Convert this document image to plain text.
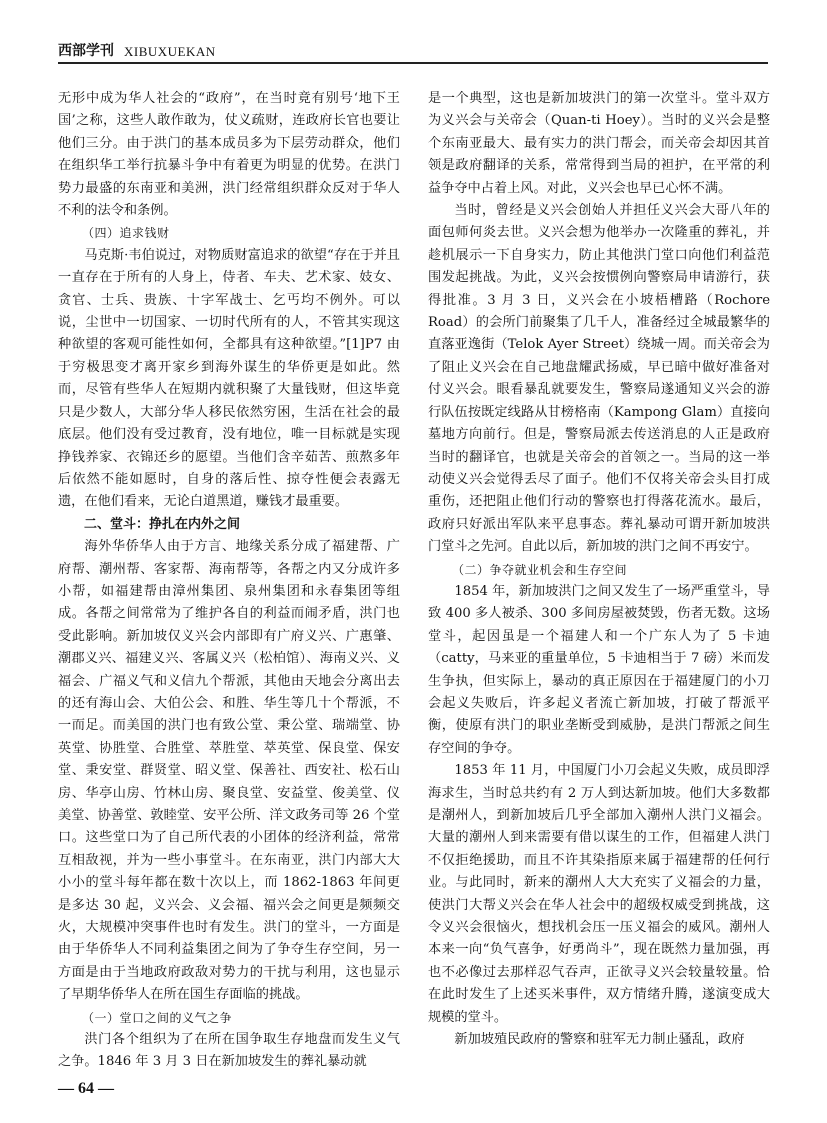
西部学刊 XIBUXUEKAN

无形中成为华人社会的“政府”，在当时竟有别号‘地下王国’之称，这些人敢作敢为，仗义疏财，连政府长官也要让他们三分。由于洪门的基本成员多为下层劳动群众，他们在组织华工举行抗暴斗争中有着更为明显的优势。在洪门势力最盛的东南亚和美洲，洪门经常组织群众反对于华人不利的法令和条例。

（四）追求钱财

马克斯·韦伯说过，对物质财富追求的欲望“存在于并且一直存在于所有的人身上，侍者、车夫、艺术家、妓女、贪官、士兵、贵族、十字军战士、乞丐均不例外。可以说，尘世中一切国家、一切时代所有的人，不管其实现这种欲望的客观可能性如何，全都具有这种欲望。”[1]P7 由于穷极思变才离开家乡到海外谋生的华侨更是如此。然而，尽管有些华人在短期内就积聚了大量钱财，但这毕竟只是少数人，大部分华人移民依然穷困，生活在社会的最底层。他们没有受过教育，没有地位，唯一目标就是实现挣钱养家、衣锦还乡的愿望。当他们含辛茹苦、煎熬多年后依然不能如愿时，自身的落后性、掠夺性便会表露无遗，在他们看来，无论白道黑道，赚钱才最重要。

二、堂斗：挣扎在内外之间

海外华侨华人由于方言、地缘关系分成了福建帮、广府帮、潮州帮、客家帮、海南帮等，各帮之内又分成许多小帮，如福建帮由漳州集团、泉州集团和永春集团等组成。各帮之间常常为了维护各自的利益而闹矛盾，洪门也受此影响。新加坡仅义兴会内部即有广府义兴、广惠肇、潮郡义兴、福建义兴、客属义兴（松柏馆）、海南义兴、义福会、广福义气和义信九个帮派，其他由天地会分离出去的还有海山会、大伯公会、和胜、华生等几十个帮派，不一而足。而美国的洪门也有致公堂、秉公堂、瑞端堂、协英堂、协胜堂、合胜堂、萃胜堂、萃英堂、保良堂、保安堂、秉安堂、群贤堂、昭义堂、保善社、西安社、松石山房、华亭山房、竹林山房、聚良堂、安益堂、俊美堂、仪美堂、协善堂、敦睦堂、安平公所、洋文政务司等 26 个堂口。这些堂口为了自己所代表的小团体的经济利益，常常互相敌视，并为一些小事堂斗。在东南亚，洪门内部大大小小的堂斗每年都在数十次以上，而 1862-1863 年间更是多达 30 起，义兴会、义会福、福兴会之间更是频频交火，大规模冲突事件也时有发生。洪门的堂斗，一方面是由于华侨华人不同利益集团之间为了争夺生存空间，另一方面是由于当地政府政敌对势力的干扰与利用，这也显示了早期华侨华人在所在国生存面临的挑战。

（一）堂口之间的义气之争

洪门各个组织为了在所在国争取生存地盘而发生义气之争。1846 年 3 月 3 日在新加坡发生的葬礼暴动就

是一个典型，这也是新加坡洪门的第一次堂斗。堂斗双方为义兴会与关帝会（Quan-ti Hoey）。当时的义兴会是整个东南亚最大、最有实力的洪门帮会，而关帝会却因其首领是政府翻译的关系，常常得到当局的袒护，在平常的利益争夺中占着上风。对此，义兴会也早已心怀不满。

当时，曾经是义兴会创始人并担任义兴会大哥八年的面包师何炎去世。义兴会想为他举办一次隆重的葬礼，并趁机展示一下自身实力，防止其他洪门堂口向他们利益范围发起挑战。为此，义兴会按惯例向警察局申请游行，获得批准。3 月 3 日，义兴会在小坡梧槽路（Rochore Road）的会所门前聚集了几千人，准备经过全城最繁华的直落亚逸街（Telok Ayer Street）绕城一周。而关帝会为了阻止义兴会在自己地盘耀武扬威，早已暗中做好准备对付义兴会。眼看暴乱就要发生，警察局遂通知义兴会的游行队伍按既定线路从甘榜格南（Kampong Glam）直接向墓地方向前行。但是，警察局派去传送消息的人正是政府当时的翻译官，也就是关帝会的首领之一。当局的这一举动使义兴会觉得丢尽了面子。他们不仅将关帝会头目打成重伤，还把阻止他们行动的警察也打得落花流水。最后，政府只好派出军队来平息事态。葬礼暴动可谓开新加坡洪门堂斗之先河。自此以后，新加坡的洪门之间不再安宁。

（二）争夺就业机会和生存空间

1854 年，新加坡洪门之间又发生了一场严重堂斗，导致 400 多人被杀、300 多间房屋被焚毁，伤者无数。这场堂斗，起因虽是一个福建人和一个广东人为了 5 卡迪（catty，马来亚的重量单位，5 卡迪相当于 7 磅）米而发生争执，但实际上，暴动的真正原因在于福建厦门的小刀会起义失败后，许多起义者流亡新加坡，打破了帮派平衡，使原有洪门的职业垄断受到威胁，是洪门帮派之间生存空间的争夺。

1853 年 11 月，中国厦门小刀会起义失败，成员即浮海求生，当时总共约有 2 万人到达新加坡。他们大多数都是潮州人，到新加坡后几乎全部加入潮州人洪门义福会。大量的潮州人到来需要有借以谋生的工作，但福建人洪门不仅拒绝援助，而且不许其染指原来属于福建帮的任何行业。与此同时，新来的潮州人大大充实了义福会的力量，使洪门大帮义兴会在华人社会中的超级权威受到挑战，这令义兴会很恼火，想找机会压一压义福会的威风。潮州人本来一向“负气喜争，好勇尚斗”，现在既然力量加强，再也不必像过去那样忍气吞声，正欲寻义兴会较量较量。恰在此时发生了上述买米事件，双方情绪升腾，遂演变成大规模的堂斗。

新加坡殖民政府的警察和驻军无力制止骚乱，政府

— 64 —
